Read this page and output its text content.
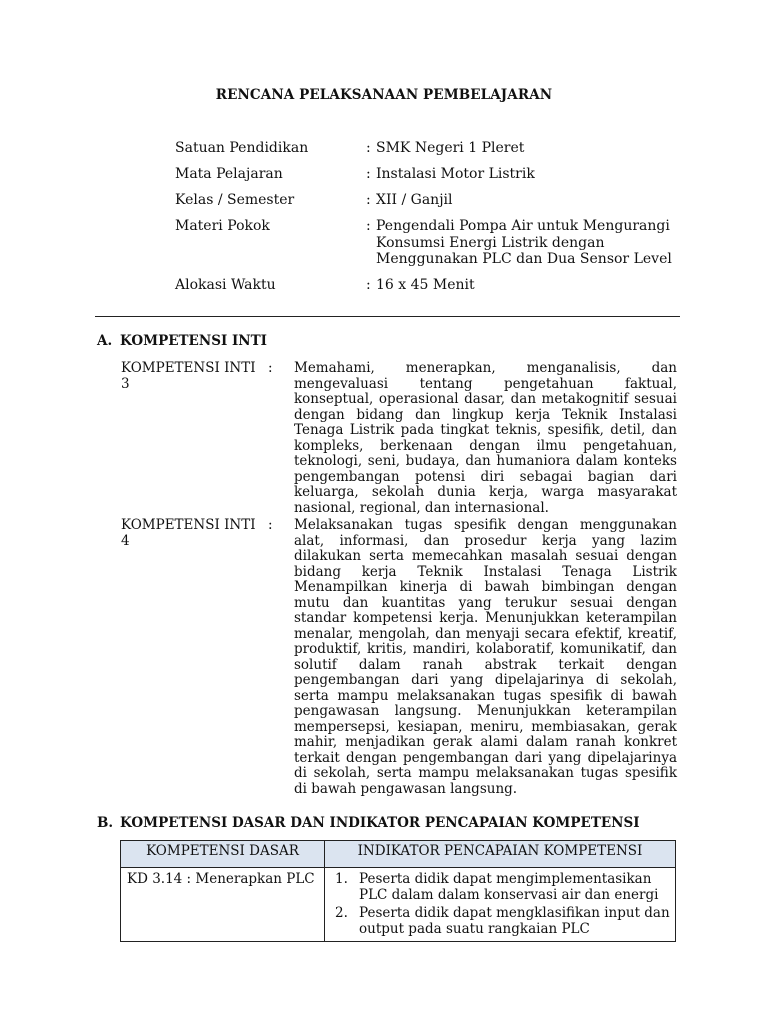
RENCANA PELAKSANAAN PEMBELAJARAN
Satuan Pendidikan	: SMK Negeri 1 Pleret
Mata Pelajaran	: Instalasi Motor Listrik
Kelas / Semester	: XII / Ganjil
Materi Pokok	: Pengendali Pompa Air untuk Mengurangi
Konsumsi Energi Listrik dengan
Menggunakan PLC dan Dua Sensor Level
Alokasi Waktu	: 16 x 45 Menit
A. KOMPETENSI INTI
KOMPETENSI INTI 3
:	Memahami, menerapkan, menganalisis, dan mengevaluasi tentang pengetahuan faktual, konseptual, operasional dasar, dan metakognitif sesuai dengan bidang dan lingkup kerja Teknik Instalasi Tenaga Listrik pada tingkat teknis, spesifik, detil, dan kompleks, berkenaan dengan ilmu pengetahuan, teknologi, seni, budaya, dan humaniora dalam konteks pengembangan potensi diri sebagai bagian dari keluarga, sekolah dunia kerja, warga masyarakat nasional, regional, dan internasional.
KOMPETENSI INTI 4
:	Melaksanakan tugas spesifik dengan menggunakan alat, informasi, dan prosedur kerja yang lazim dilakukan serta memecahkan masalah sesuai dengan bidang kerja Teknik Instalasi Tenaga Listrik Menampilkan kinerja di bawah bimbingan dengan mutu dan kuantitas yang terukur sesuai dengan standar kompetensi kerja. Menunjukkan keterampilan menalar, mengolah, dan menyaji secara efektif, kreatif, produktif, kritis, mandiri, kolaboratif, komunikatif, dan solutif dalam ranah abstrak terkait dengan pengembangan dari yang dipelajarinya di sekolah, serta mampu melaksanakan tugas spesifik di bawah pengawasan langsung. Menunjukkan keterampilan mempersepsi, kesiapan, meniru, membiasakan, gerak mahir, menjadikan gerak alami dalam ranah konkret terkait dengan pengembangan dari yang dipelajarinya di sekolah, serta mampu melaksanakan tugas spesifik di bawah pengawasan langsung.
B. KOMPETENSI DASAR DAN INDIKATOR PENCAPAIAN KOMPETENSI
KOMPETENSI DASAR	INDIKATOR PENCAPAIAN KOMPETENSI
KD 3.14 : Menerapkan PLC	1. Peserta didik dapat mengimplementasikan PLC dalam dalam konservasi air dan energi
2. Peserta didik dapat mengklasifikan input dan output pada suatu rangkaian PLC
